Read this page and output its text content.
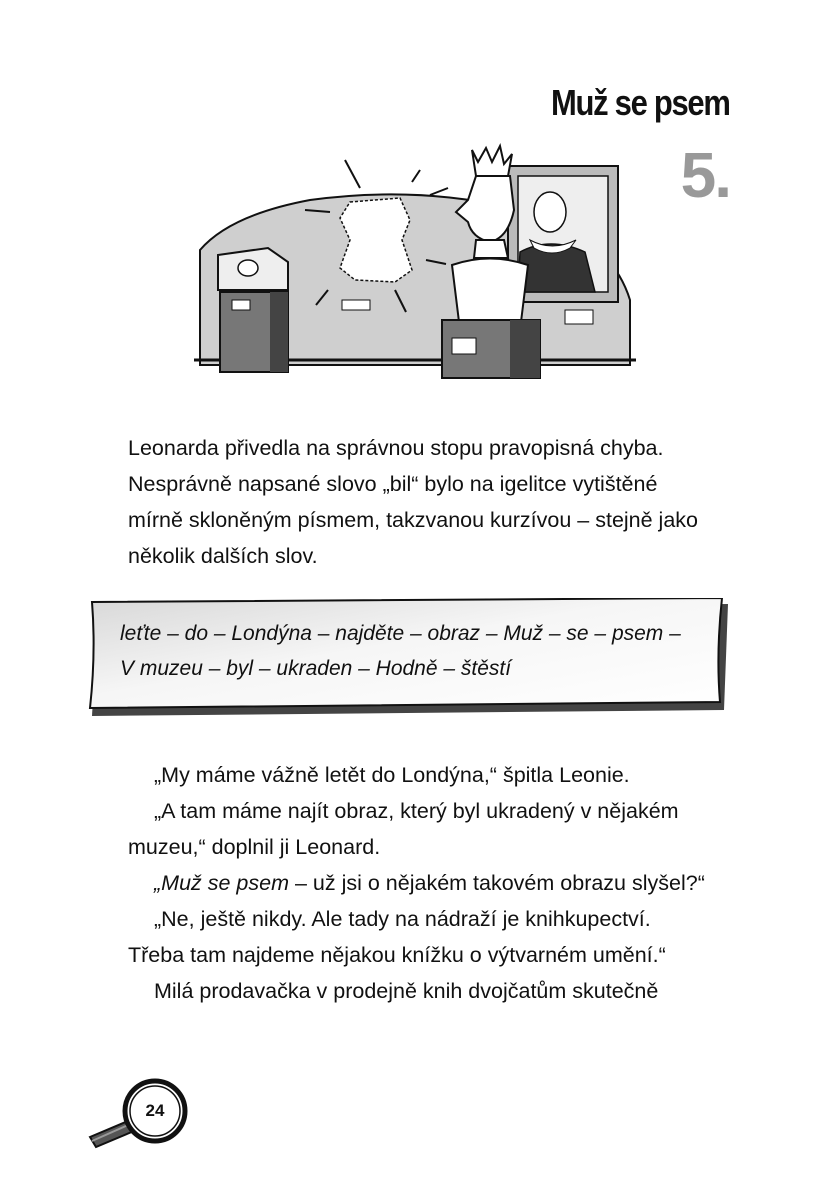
Muž se psem
5.

Leonarda přivedla na správnou stopu pravopisná chyba.

Nesprávně napsané slovo „bil“ bylo na igelitce vytištěné

mírně skloněným písmem, takzvanou kurzívou – stejně jako

několik dalších slov.

leťte – do – Londýna – najděte – obraz – Muž – se – psem –

V muzeu – byl – ukraden – Hodně – štěstí

„My máme vážně letět do Londýna,“ špitla Leonie.

„A tam máme najít obraz, který byl ukradený v nějakém

muzeu,“ doplnil ji Leonard.

„Muž se psem – už jsi o nějakém takovém obrazu slyšel?“

„Ne, ještě nikdy. Ale tady na nádraží je knihkupectví.

Třeba tam najdeme nějakou knížku o výtvarném umění.“

Milá prodavačka v prodejně knih dvojčatům skutečně

24
